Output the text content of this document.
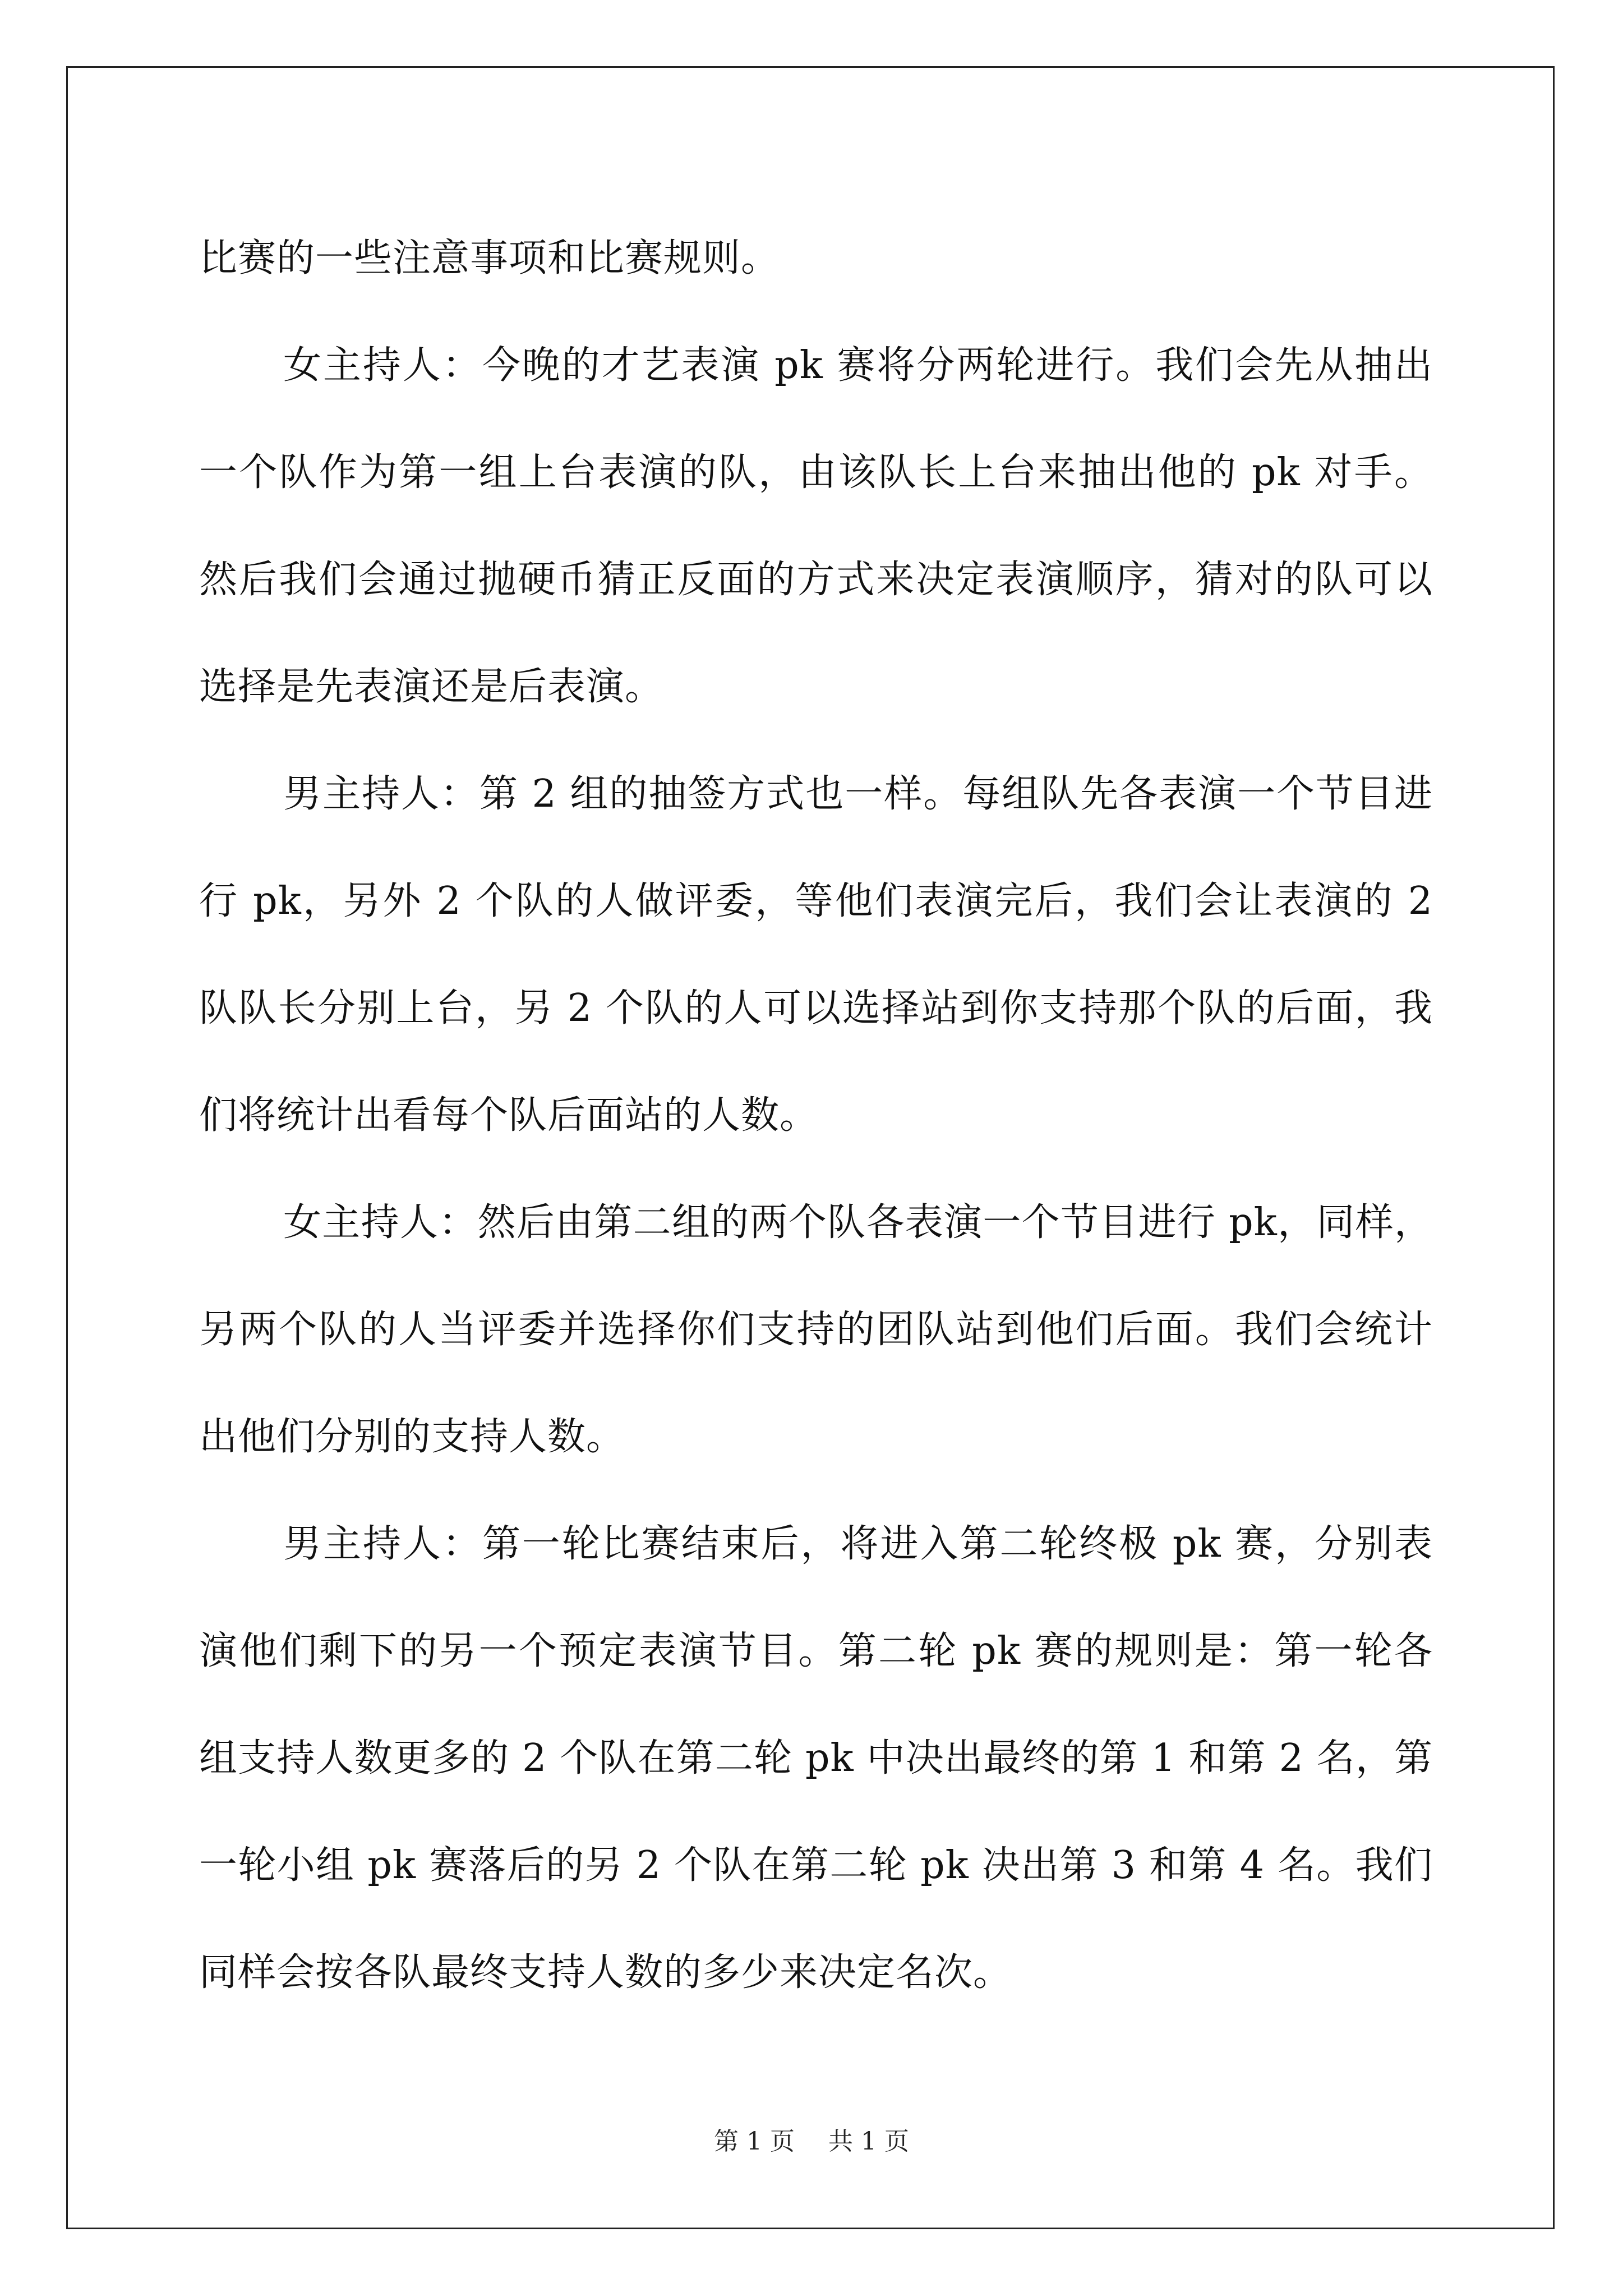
比赛的一些注意事项和比赛规则。

女主持人：今晚的才艺表演 pk 赛将分两轮进行。我们会先从抽出一个队作为第一组上台表演的队，由该队长上台来抽出他的 pk 对手。然后我们会通过抛硬币猜正反面的方式来决定表演顺序，猜对的队可以选择是先表演还是后表演。

男主持人：第 2 组的抽签方式也一样。每组队先各表演一个节目进行 pk，另外 2 个队的人做评委，等他们表演完后，我们会让表演的 2 队队长分别上台，另 2 个队的人可以选择站到你支持那个队的后面，我们将统计出看每个队后面站的人数。

女主持人：然后由第二组的两个队各表演一个节目进行 pk，同样，另两个队的人当评委并选择你们支持的团队站到他们后面。我们会统计出他们分别的支持人数。

男主持人：第一轮比赛结束后，将进入第二轮终极 pk 赛，分别表演他们剩下的另一个预定表演节目。第二轮 pk 赛的规则是：第一轮各组支持人数更多的 2 个队在第二轮 pk 中决出最终的第 1 和第 2 名，第一轮小组 pk 赛落后的另 2 个队在第二轮 pk 决出第 3 和第 4 名。我们同样会按各队最终支持人数的多少来决定名次。

第 1 页 共 1 页
